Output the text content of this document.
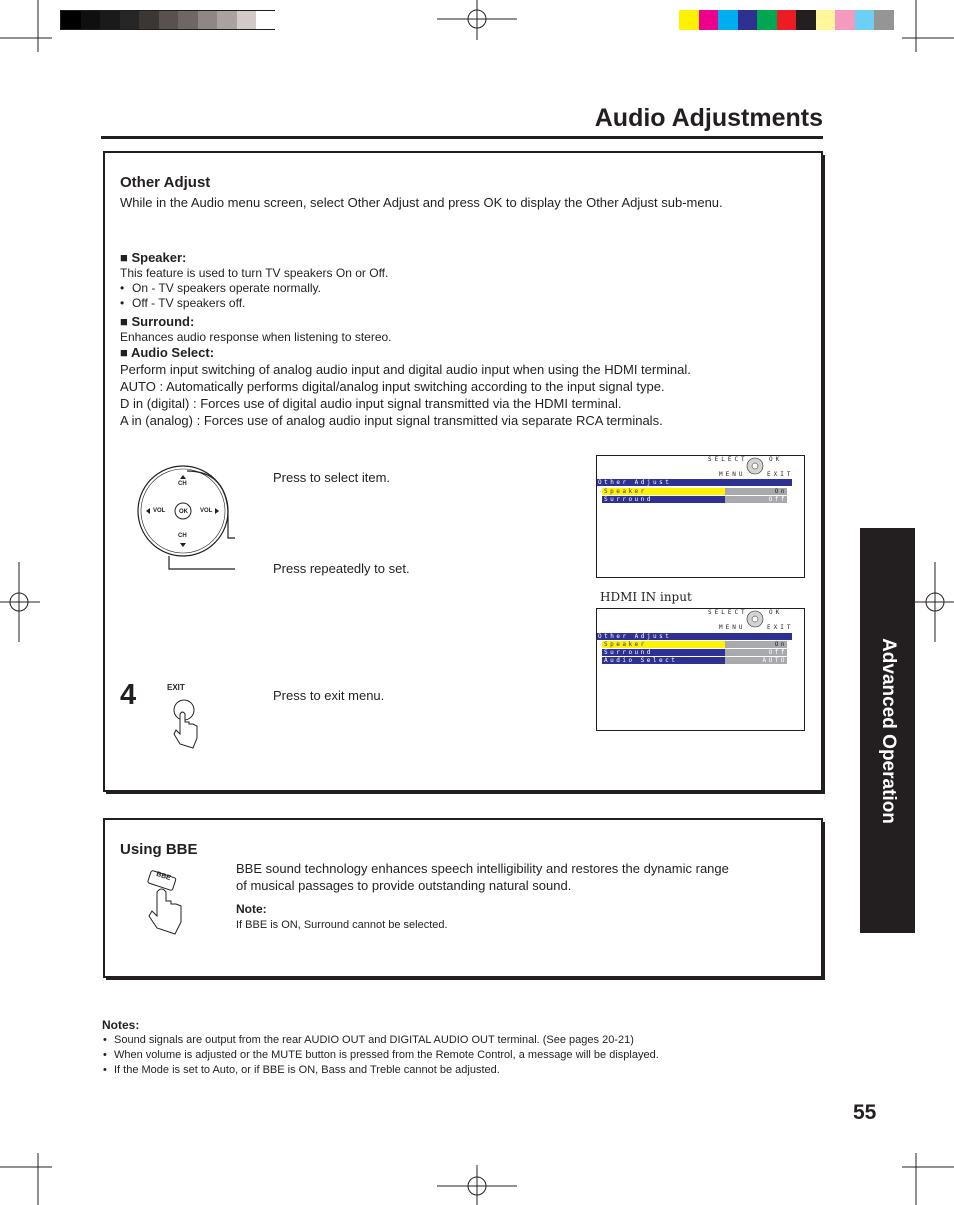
Audio Adjustments
Other Adjust
While in the Audio menu screen, select Other Adjust and press OK to display the Other Adjust sub-menu.
■ Speaker:
This feature is used to turn TV speakers On or Off.
• On - TV speakers operate normally.
• Off - TV speakers off.
■ Surround:
Enhances audio response when listening to stereo.
■ Audio Select:
Perform input switching of analog audio input and digital audio input when using the HDMI terminal.
AUTO : Automatically performs digital/analog input switching according to the input signal type.
D in (digital) : Forces use of digital audio input signal transmitted via the HDMI terminal.
A in (analog) : Forces use of analog audio input signal transmitted via separate RCA terminals.
CH
CH
VOL	VOL
OK
Press to select item.
Press repeatedly to set.
4	EXIT
Press to exit menu.
HDMI IN input
SELECT	OK
MENU	EXIT
Other Adjust
Speaker	On
Surround	Off
SELECT	OK
MENU	EXIT
Other Adjust
Speaker	On
Surround	Off
Audio Select	AUTO
Using BBE
BBE
BBE sound technology enhances speech intelligibility and restores the dynamic range
of musical passages to provide outstanding natural sound.
Note:
If BBE is ON, Surround cannot be selected.
Notes:
• Sound signals are output from the rear AUDIO OUT and DIGITAL AUDIO OUT terminal. (See pages 20-21)
• When volume is adjusted or the MUTE button is pressed from the Remote Control, a message will be displayed.
• If the Mode is set to Auto, or if BBE is ON, Bass and Treble cannot be adjusted.
Advanced Operation
55
